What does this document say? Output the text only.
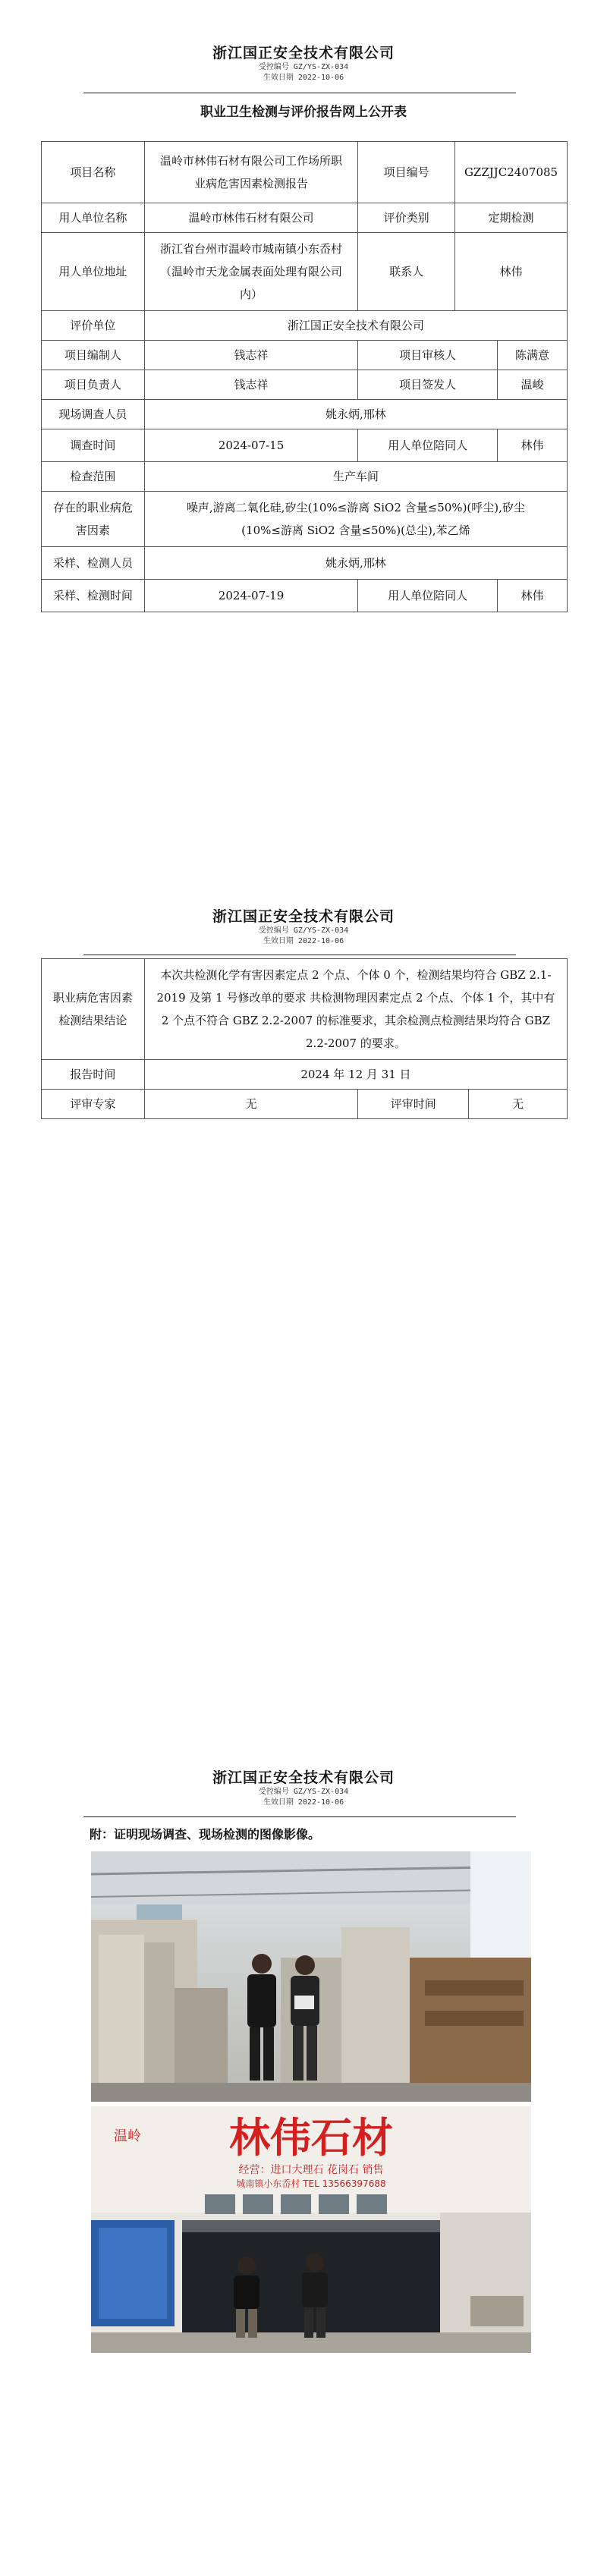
浙江国正安全技术有限公司
受控编号 GZ/YS-ZX-034
生效日期 2022-10-06
职业卫生检测与评价报告网上公开表
项目名称	温岭市林伟石材有限公司工作场所职业病危害因素检测报告	项目编号	GZZJJC2407085	
用人单位名称	温岭市林伟石材有限公司	评价类别	定期检测	
用人单位地址	浙江省台州市温岭市城南镇小东岙村 （温岭市天龙金属表面处理有限公司内）	联系人	林伟	
评价单位	浙江国正安全技术有限公司			
项目编制人	钱志祥	项目审核人		陈满意
项目负责人	钱志祥	项目签发人		温峻
现场调查人员	姚永炳,邢林			
调查时间	2024-07-15	用人单位陪同人		林伟
检查范围	生产车间			
存在的职业病危害因素	噪声,游离二氧化硅,矽尘(10%≤游离 SiO2 含量≤50%)(呼尘),矽尘(10%≤游离 SiO2 含量≤50%)(总尘),苯乙烯			
采样、检测人员	姚永炳,邢林			
采样、检测时间	2024-07-19	用人单位陪同人		林伟
浙江国正安全技术有限公司
受控编号 GZ/YS-ZX-034
生效日期 2022-10-06
职业病危害因素检测结果结论	本次共检测化学有害因素定点 2 个点、个体 0 个，检测结果均符合 GBZ 2.1-2019 及第 1 号修改单的要求 共检测物理因素定点 2 个点、个体 1 个，其中有 2 个点不符合 GBZ 2.2-2007 的标准要求，其余检测点检测结果均符合 GBZ 2.2-2007 的要求。		
报告时间	2024 年 12 月 31 日		
评审专家	无	评审时间	无
浙江国正安全技术有限公司
受控编号 GZ/YS-ZX-034
生效日期 2022-10-06
附：证明现场调查、现场检测的图像影像。
温岭 林伟石材
经营：进口大理石 花岗石 销售
城南镇小东岙村 TEL 13566397688
